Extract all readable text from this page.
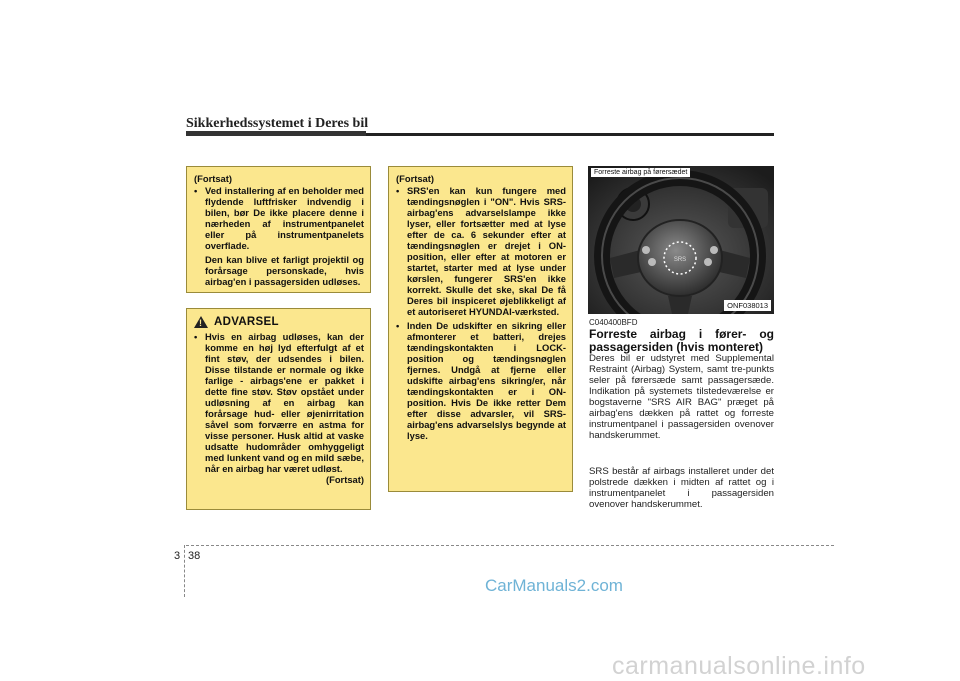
Sikkerhedssystemet i Deres bil

(Fortsat)

• Ved installering af en beholder med flydende luftfrisker indvendig i bilen, bør De ikke placere denne i nærheden af instrumentpanelet eller på instrumentpanelets overflade.

Den kan blive et farligt projektil og forårsage personskade, hvis airbag'en i passagersiden udløses.

!
ADVARSEL
• Hvis en airbag udløses, kan der komme en høj lyd efterfulgt af et fint støv, der udsendes i bilen. Disse tilstande er normale og ikke farlige - airbags'ene er pakket i dette fine støv. Støv opstået under udløsning af en airbag kan forårsage hud- eller øjenirritation såvel som forværre en astma for visse personer. Husk altid at vaske udsatte hudområder omhyggeligt med lunkent vand og en mild sæbe, når en airbag har været udløst.

(Fortsat)

(Fortsat)

• SRS'en kan kun fungere med tændingsnøglen i "ON". Hvis SRS-airbag'ens advarselslampe ikke lyser, eller fortsætter med at lyse efter de ca. 6 sekunder efter at tændingsnøglen er drejet i ON-position, eller efter at motoren er startet, starter med at lyse under kørslen, fungerer SRS'en ikke korrekt. Skulle det ske, skal De få Deres bil inspiceret øjeblikkeligt af et autoriseret HYUNDAI-værksted.
• Inden De udskifter en sikring eller afmonterer et batteri, drejes tændingskontakten i LOCK-position og tændingsnøglen fjernes. Undgå at fjerne eller udskifte airbag'ens sikring/er, når tændingskontakten er i ON-position. Hvis De ikke retter Dem efter disse advarsler, vil SRS-airbag'ens advarselslys begynde at lyse.
SRS
Forreste airbag på førersædet
ONF038013
C040400BFD
Forreste airbag i fører- og passagersiden (hvis monteret)

Deres bil er udstyret med Supplemental Restraint (Airbag) System, samt tre-punkts seler på førersæde samt passagersæde. Indikation på systemets tilstedeværelse er bogstaverne "SRS AIR BAG" præget på airbag'ens dækken på rattet og forreste instrumentpanel i passagersiden ovenover handskerummet.

SRS består af airbags installeret under det polstrede dækken i midten af rattet og i instrumentpanelet i passagersiden ovenover handskerummet.

3 38
CarManuals2.com
carmanualsonline.info
